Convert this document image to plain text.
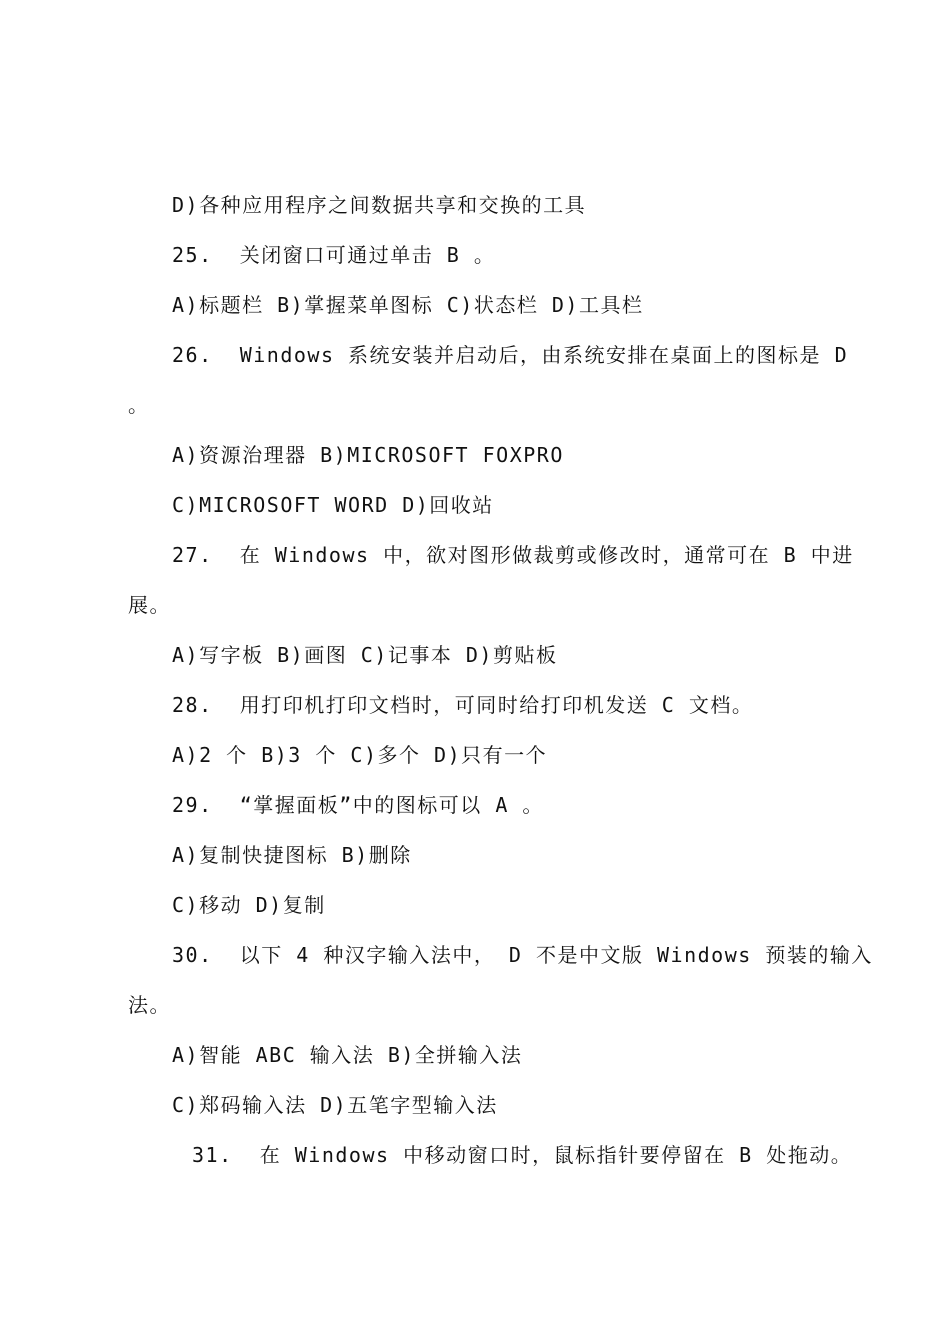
D)各种应用程序之间数据共享和交换的工具
25.  关闭窗口可通过单击 B 。
A)标题栏 B)掌握菜单图标 C)状态栏 D)工具栏
26.  Windows 系统安装并启动后，由系统安排在桌面上的图标是 D
。
A)资源治理器 B)MICROSOFT FOXPRO
C)MICROSOFT WORD D)回收站
27.  在 Windows 中，欲对图形做裁剪或修改时，通常可在 B 中进
展。
A)写字板 B)画图 C)记事本 D)剪贴板
28.  用打印机打印文档时，可同时给打印机发送 C 文档。
A)2 个 B)3 个 C)多个 D)只有一个
29.  “掌握面板”中的图标可以 A 。
A)复制快捷图标 B)删除
C)移动 D)复制
30.  以下 4 种汉字输入法中， D 不是中文版 Windows 预装的输入
法。
A)智能 ABC 输入法 B)全拼输入法
C)郑码输入法 D)五笔字型输入法
31.  在 Windows 中移动窗口时，鼠标指针要停留在 B 处拖动。
